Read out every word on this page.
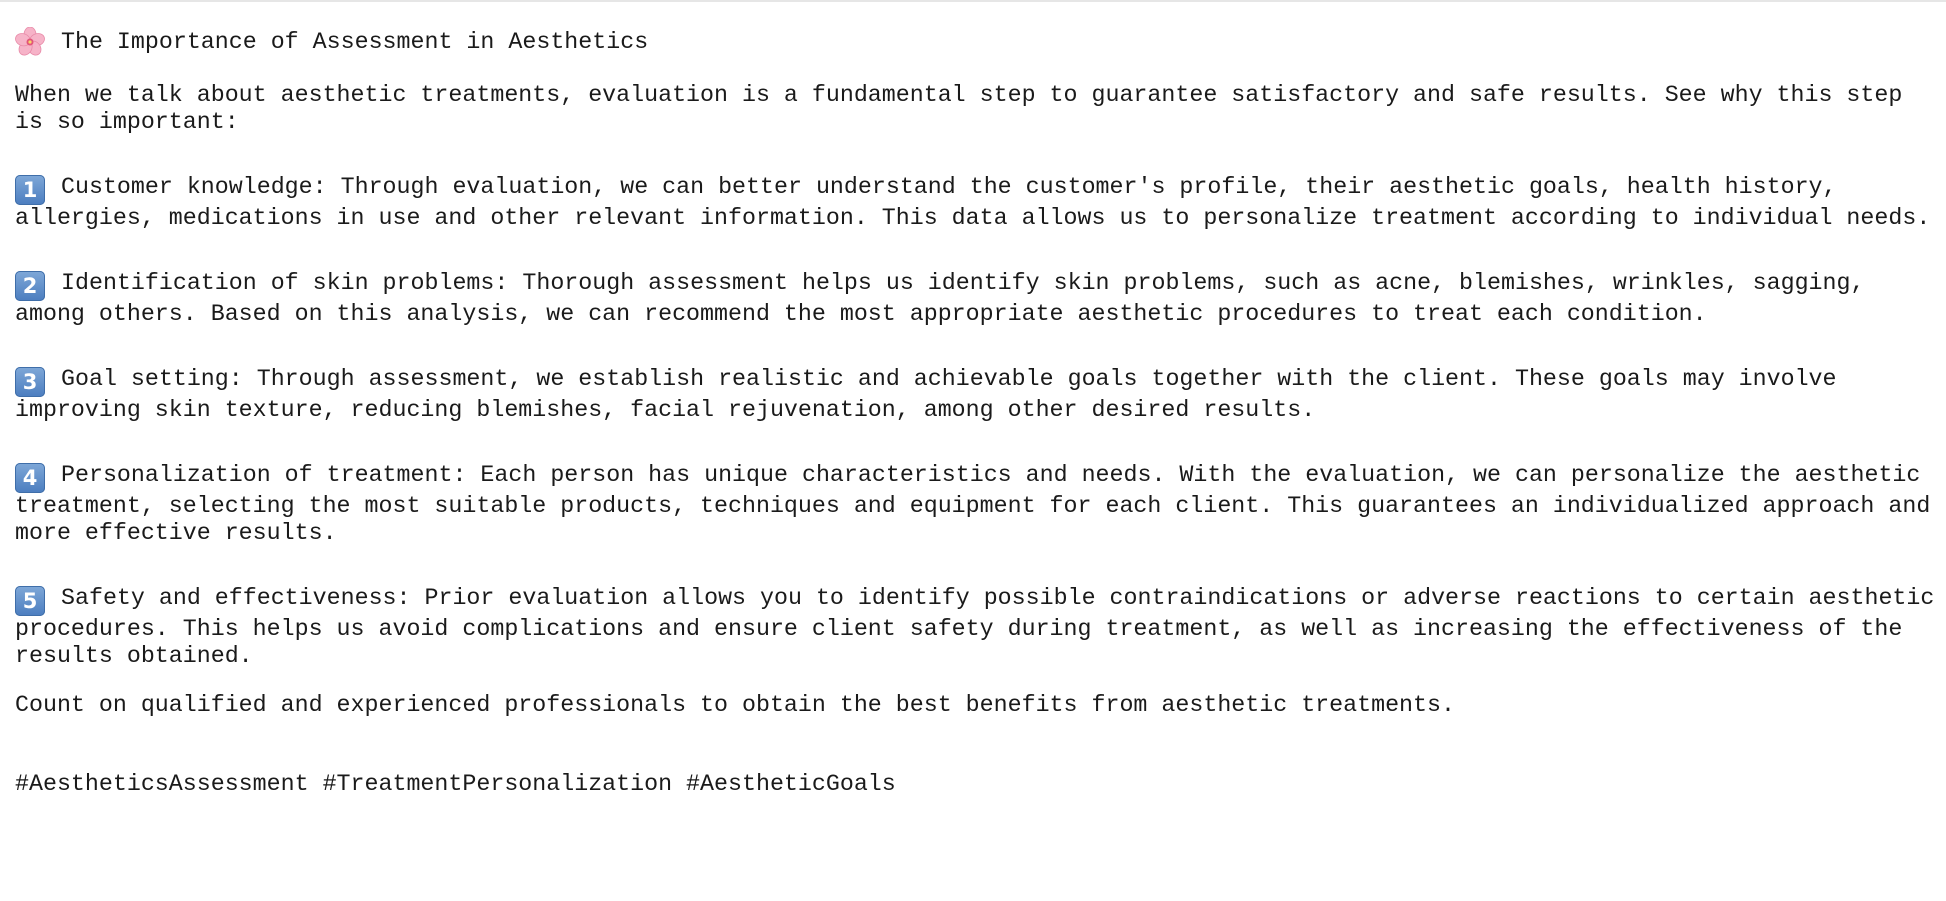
The Importance of Assessment in Aesthetics
When we talk about aesthetic treatments, evaluation is a fundamental step to guarantee satisfactory and safe results. See why this step is so important:
1 Customer knowledge: Through evaluation, we can better understand the customer's profile, their aesthetic goals, health history, allergies, medications in use and other relevant information. This data allows us to personalize treatment according to individual needs.
2 Identification of skin problems: Thorough assessment helps us identify skin problems, such as acne, blemishes, wrinkles, sagging, among others. Based on this analysis, we can recommend the most appropriate aesthetic procedures to treat each condition.
3 Goal setting: Through assessment, we establish realistic and achievable goals together with the client. These goals may involve improving skin texture, reducing blemishes, facial rejuvenation, among other desired results.
4 Personalization of treatment: Each person has unique characteristics and needs. With the evaluation, we can personalize the aesthetic treatment, selecting the most suitable products, techniques and equipment for each client. This guarantees an individualized approach and more effective results.
5 Safety and effectiveness: Prior evaluation allows you to identify possible contraindications or adverse reactions to certain aesthetic procedures. This helps us avoid complications and ensure client safety during treatment, as well as increasing the effectiveness of the results obtained.
Count on qualified and experienced professionals to obtain the best benefits from aesthetic treatments.
#AestheticsAssessment #TreatmentPersonalization #AestheticGoals
